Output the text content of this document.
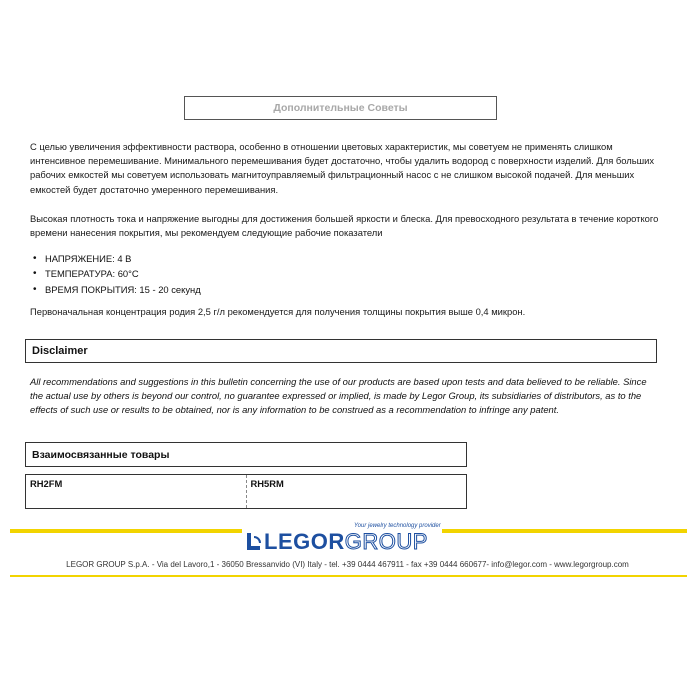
Дополнительные Советы

С целью увеличения эффективности раствора, особенно в отношении цветовых характеристик, мы советуем не применять слишком интенсивное перемешивание. Минимального перемешивания будет достаточно, чтобы удалить водород с поверхности изделий. Для больших рабочих емкостей мы советуем использовать магнитоуправляемый фильтрационный насос с не слишком высокой подачей. Для меньших емкостей будет достаточно умеренного перемешивания.

Высокая плотность тока и напряжение выгодны для достижения большей яркости и блеска. Для превосходного результата в течение короткого времени нанесения покрытия, мы рекомендуем следующие рабочие показатели

• НАПРЯЖЕНИЕ: 4 В
• ТЕМПЕРАТУРА: 60°С
• ВРЕМЯ ПОКРЫТИЯ: 15 - 20 секунд

Первоначальная концентрация родия 2,5 г/л рекомендуется для получения толщины покрытия выше 0,4 микрон.

Disclaimer

All recommendations and suggestions in this bulletin concerning the use of our products are based upon tests and data believed to be reliable. Since the actual use by others is beyond our control, no guarantee expressed or implied, is made by Legor Group, its subsidiaries of distributors, as to the effects of such use or results to be obtained, nor is any information to be construed as a recommendation to infringe any patent.

Взаимосвязанные товары
RH2FM	RH5RM
Your jewelry technology provider
LEGORGROUP
LEGOR GROUP S.p.A. - Via del Lavoro,1 - 36050 Bressanvido (VI) Italy - tel. +39 0444 467911 - fax +39 0444 660677- info@legor.com - www.legorgroup.com
